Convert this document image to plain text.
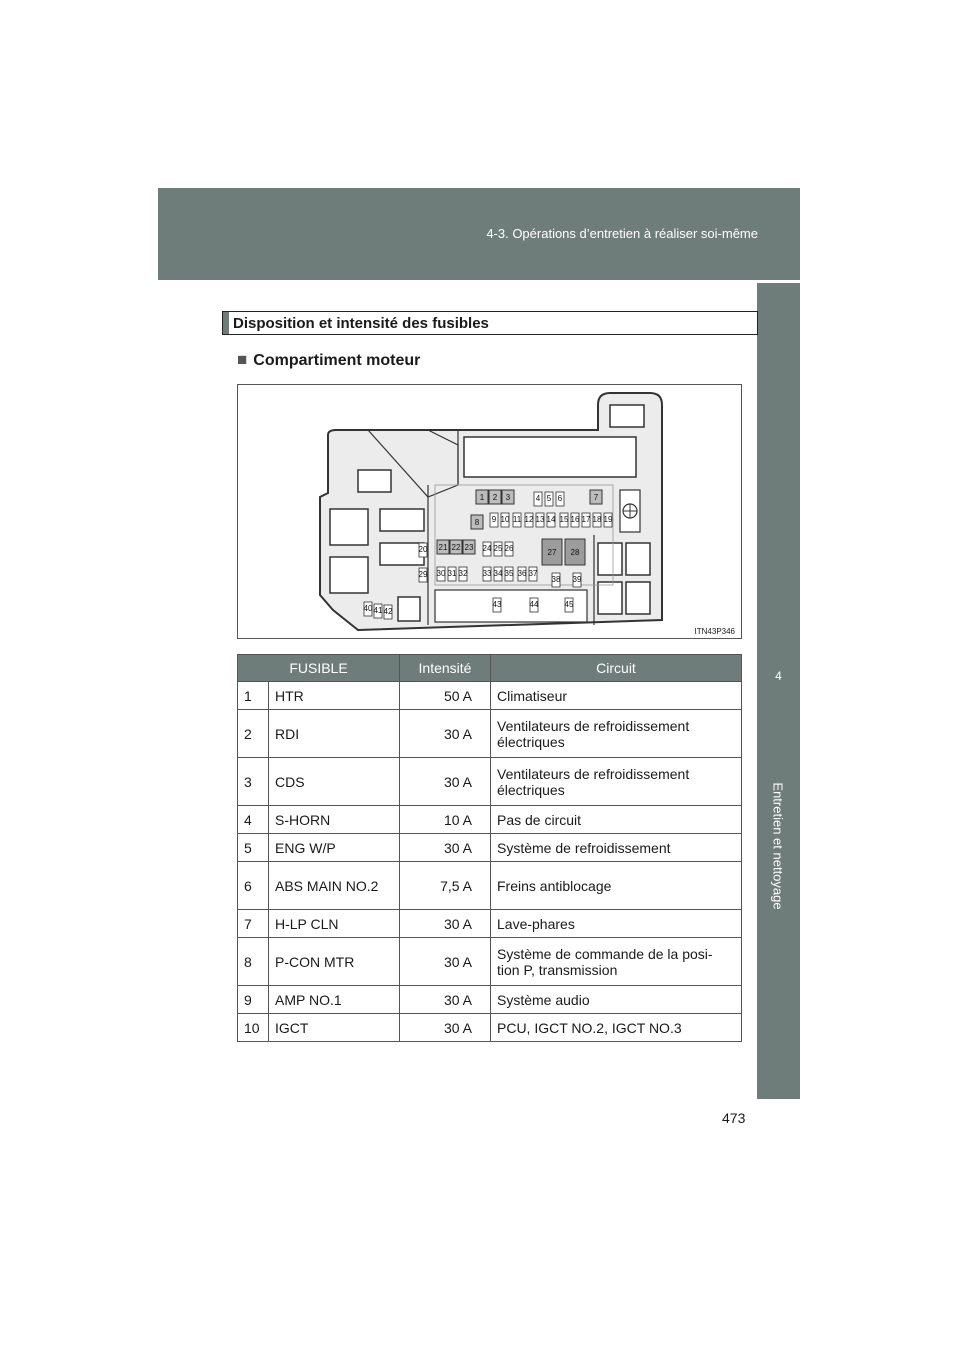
4-3. Opérations d’entretien à réaliser soi-même
4
Entretien et nettoyage
Disposition et intensité des fusibles
■ Compartiment moteur
1 2 3	4 5 6	7
8 9 10 11 12 13 14 15 16 17 18 19
20 21 22 23 24 25 26	27 28
29 30 31 32 33 34 35 36 37
38 39
40 41 42
43	44	45
ITN43P346
FUSIBLE		Intensité	Circuit
1	HTR	50 A	Climatiseur
2	RDI	30 A	Ventilateurs de refroidissement électriques
3	CDS	30 A	Ventilateurs de refroidissement électriques
4	S-HORN	10 A	Pas de circuit
5	ENG W/P	30 A	Système de refroidissement
6	ABS MAIN NO.2	7,5 A	Freins antiblocage
7	H-LP CLN	30 A	Lave-phares
8	P-CON MTR	30 A	Système de commande de la posi-tion P, transmission
9	AMP NO.1	30 A	Système audio
10	IGCT	30 A	PCU, IGCT NO.2, IGCT NO.3
473
